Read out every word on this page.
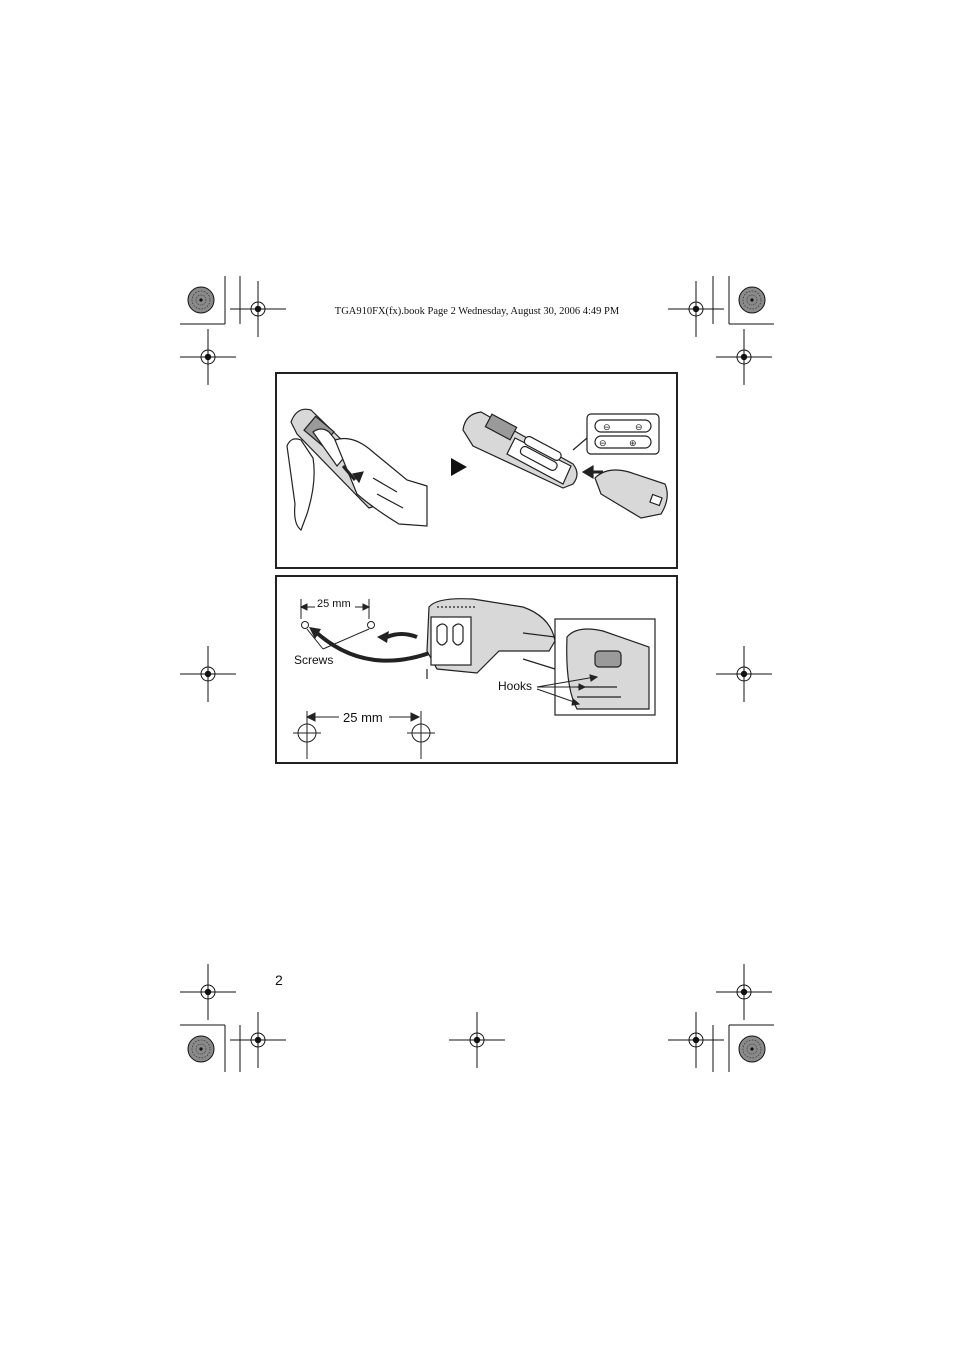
TGA910FX(fx).book Page 2 Wednesday, August 30, 2006 4:49 PM
⊖	⊖
⊖ ⊕
25 mm
Screws
Hooks
25 mm
2
